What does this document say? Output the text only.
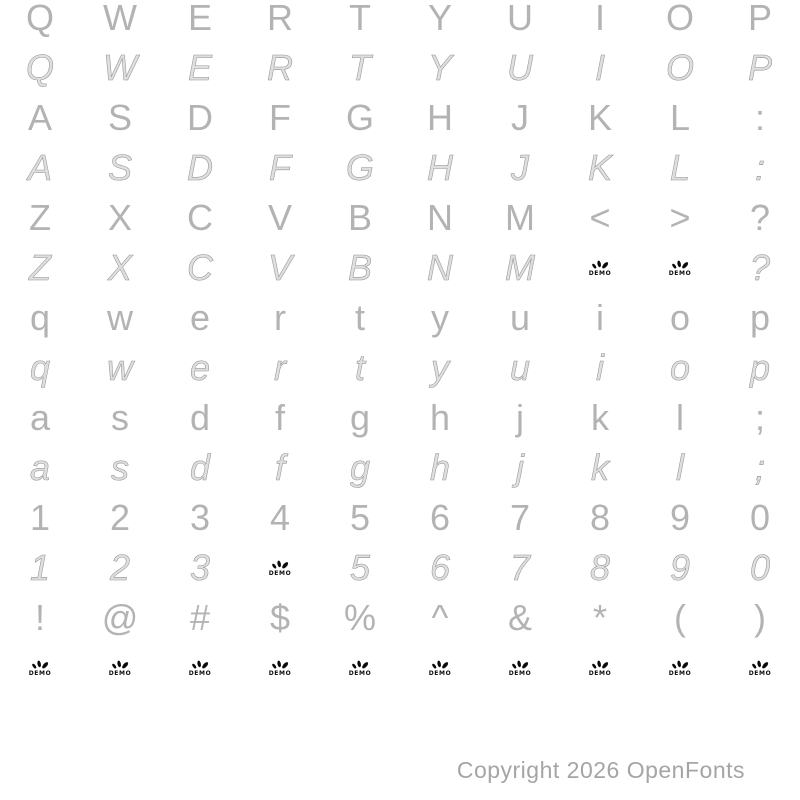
Q W E R T Y U I O P
Q W E R T Y U I O P
A S D F G H J K L :
A S D F G H J K L :
Z X C V B N M < > ?
Z X C V B N M	DEMO	DEMO ?
q w e r t y u i o p
q w e r t y u i o p
a s d f g h j k l ;
a s d f g h j k l ;
1 2 3 4 5 6 7 8 9 0
1 2 3	DEMO 5 6 7 8 9 0
! @ # $ % ^ & * ( )
DEMO	DEMO	DEMO	DEMO	DEMO	DEMO	DEMO	DEMO	DEMO	DEMO
Copyright 2026 OpenFonts
